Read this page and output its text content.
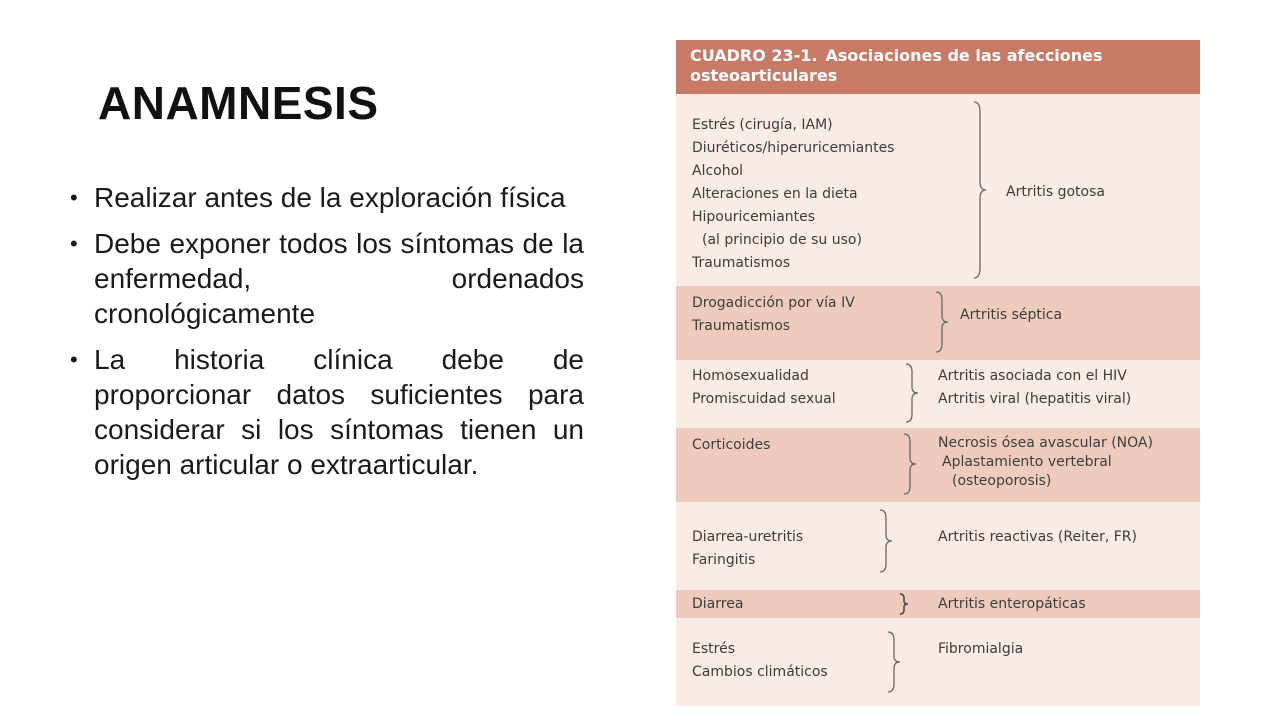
ANAMNESIS
• Realizar antes de la exploración física
• Debe exponer todos los síntomas de la enfermedad, ordenados cronológicamente
• La historia clínica debe de proporcionar datos suficientes para considerar si los síntomas tienen un origen articular o extraarticular.
CUADRO 23-1. Asociaciones de las afecciones osteoarticulares
Estrés (cirugía, IAM)
Diuréticos/hiperuricemiantes
Alcohol
Alteraciones en la dieta
Hipouricemiantes
(al principio de su uso)
Traumatismos
Artritis gotosa
Drogadicción por vía IV
Traumatismos
Artritis séptica
Homosexualidad
Promiscuidad sexual
Artritis asociada con el HIV
Artritis viral (hepatitis viral)
Corticoides	Necrosis ósea avascular (NOA)
Aplastamiento vertebral
(osteoporosis)
Diarrea-uretritis
Faringitis
Artritis reactivas (Reiter, FR)
Diarrea	Artritis enteropáticas
Estrés
Cambios climáticos
Fibromialgia
